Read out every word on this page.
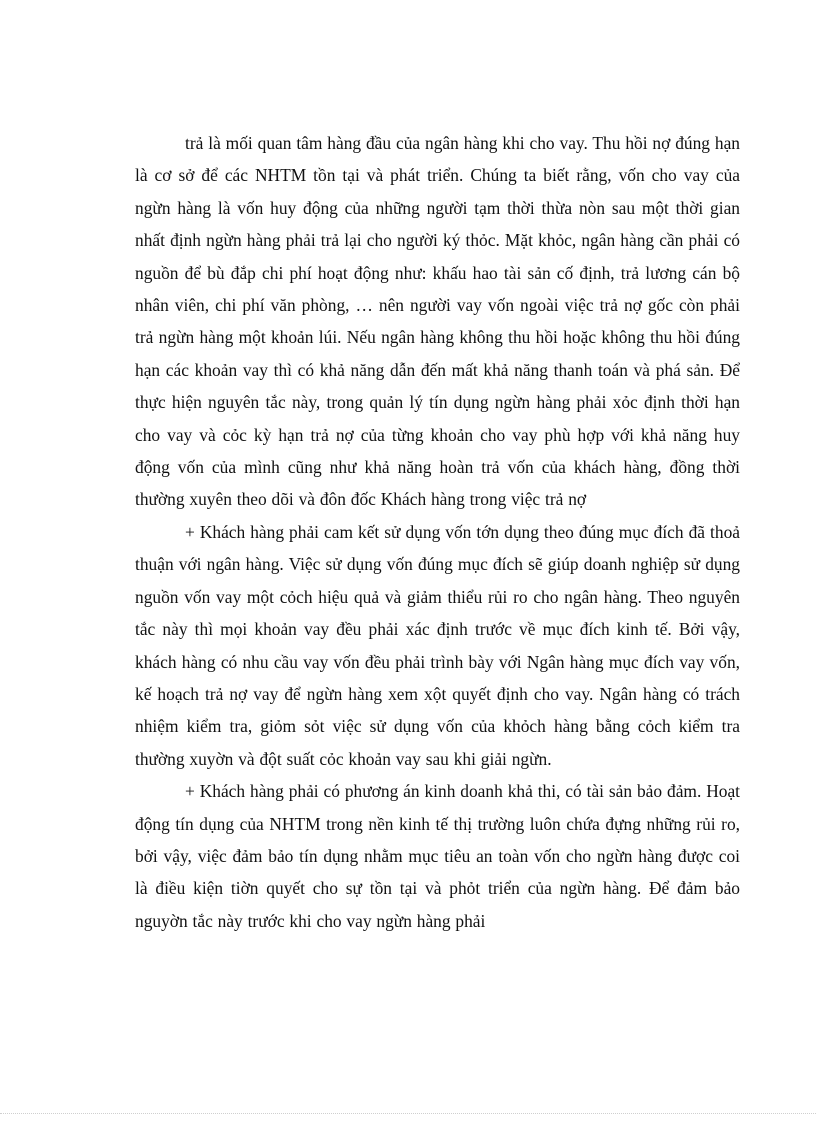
trả là mối quan tâm hàng đầu của ngân hàng khi cho vay. Thu hồi nợ đúng hạn là cơ sở để các NHTM tồn tại và phát triển. Chúng ta biết rằng, vốn cho vay của ngừn hàng là vốn huy động của những người tạm thời thừa nòn sau một thời gian nhất định ngừn hàng phải trả lại cho người ký thỏc. Mặt khỏc, ngân hàng cần phải có nguồn để bù đắp chi phí hoạt động như: khấu hao tài sản cố định, trả lương cán bộ nhân viên, chi phí văn phòng, … nên người vay vốn ngoài việc trả nợ gốc còn phải trả ngừn hàng một khoản lúi. Nếu ngân hàng không thu hồi hoặc không thu hồi đúng hạn các khoản vay thì có khả năng dẫn đến mất khả năng thanh toán và phá sản. Để thực hiện nguyên tắc này, trong quản lý tín dụng ngừn hàng phải xỏc định thời hạn cho vay và cỏc kỳ hạn trả nợ của từng khoản cho vay phù hợp với khả năng huy động vốn của mình cũng như khả năng hoàn trả vốn của khách hàng, đồng thời thường xuyên theo dõi và đôn đốc Khách hàng trong việc trả nợ

+ Khách hàng phải cam kết sử dụng vốn tớn dụng theo đúng mục đích đã thoả thuận với ngân hàng. Việc sử dụng vốn đúng mục đích sẽ giúp doanh nghiệp sử dụng nguồn vốn vay một cỏch hiệu quả và giảm thiểu rủi ro cho ngân hàng. Theo nguyên tắc này thì mọi khoản vay đều phải xác định trước về mục đích kinh tế. Bởi vậy, khách hàng có nhu cầu vay vốn đều phải trình bày với Ngân hàng mục đích vay vốn, kế hoạch trả nợ vay để ngừn hàng xem xột quyết định cho vay. Ngân hàng có trách nhiệm kiểm tra, giỏm sỏt việc sử dụng vốn của khỏch hàng bằng cỏch kiểm tra thường xuyờn và đột suất cỏc khoản vay sau khi giải ngừn.

+ Khách hàng phải có phương án kinh doanh khả thi, có tài sản bảo đảm. Hoạt động tín dụng của NHTM trong nền kinh tế thị trường luôn chứa đựng những rủi ro, bởi vậy, việc đảm bảo tín dụng nhằm mục tiêu an toàn vốn cho ngừn hàng được coi là điều kiện tiờn quyết cho sự tồn tại và phỏt triển của ngừn hàng. Để đảm bảo nguyờn tắc này trước khi cho vay ngừn hàng phải
